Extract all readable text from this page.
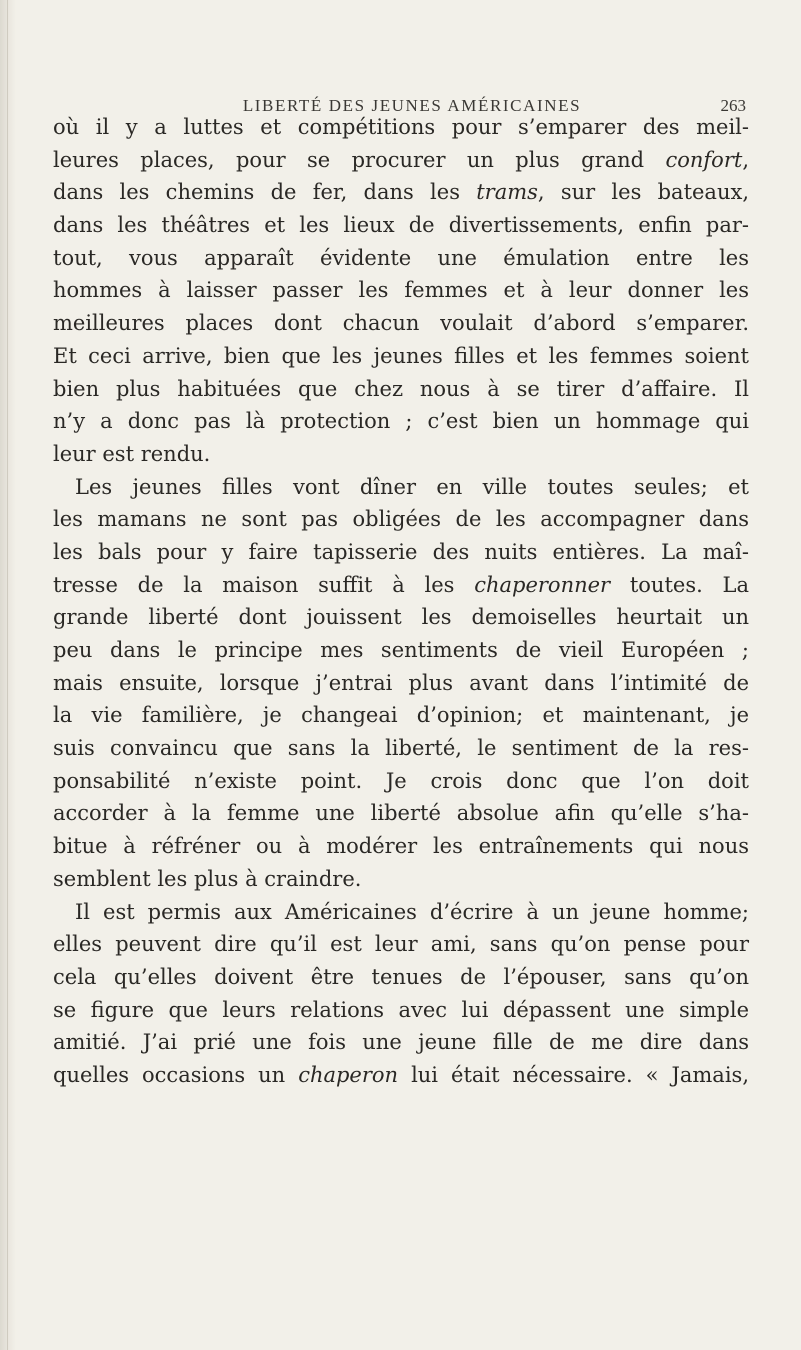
LIBERTÉ DES JEUNES AMÉRICAINES	263
où il y a luttes et compétitions pour s’emparer des meil-
leures places, pour se procurer un plus grand confort,
dans les chemins de fer, dans les trams, sur les bateaux,
dans les théâtres et les lieux de divertissements, enfin par-
tout, vous apparaît évidente une émulation entre les
hommes à laisser passer les femmes et à leur donner les
meilleures places dont chacun voulait d’abord s’emparer.
Et ceci arrive, bien que les jeunes filles et les femmes soient
bien plus habituées que chez nous à se tirer d’affaire. Il
n’y a donc pas là protection ; c’est bien un hommage qui
leur est rendu.
Les jeunes filles vont dîner en ville toutes seules; et
les mamans ne sont pas obligées de les accompagner dans
les bals pour y faire tapisserie des nuits entières. La maî-
tresse de la maison suffit à les chaperonner toutes. La
grande liberté dont jouissent les demoiselles heurtait un
peu dans le principe mes sentiments de vieil Européen ;
mais ensuite, lorsque j’entrai plus avant dans l’intimité de
la vie familière, je changeai d’opinion; et maintenant, je
suis convaincu que sans la liberté, le sentiment de la res-
ponsabilité n’existe point. Je crois donc que l’on doit
accorder à la femme une liberté absolue afin qu’elle s’ha-
bitue à réfréner ou à modérer les entraînements qui nous
semblent les plus à craindre.
Il est permis aux Américaines d’écrire à un jeune homme;
elles peuvent dire qu’il est leur ami, sans qu’on pense pour
cela qu’elles doivent être tenues de l’épouser, sans qu’on
se figure que leurs relations avec lui dépassent une simple
amitié. J’ai prié une fois une jeune fille de me dire dans
quelles occasions un chaperon lui était nécessaire. « Jamais,
